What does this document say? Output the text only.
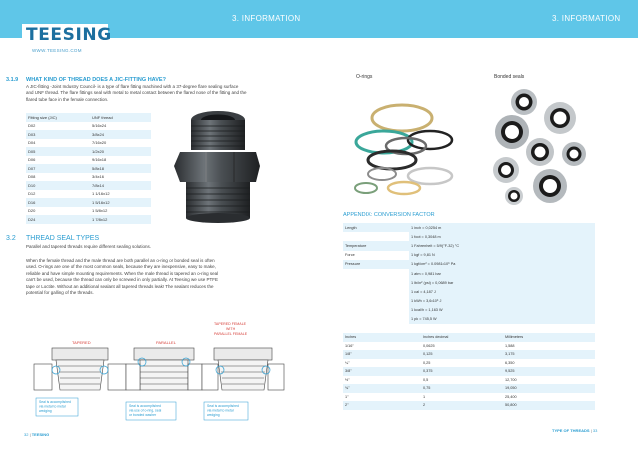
3. INFORMATION	3. INFORMATION
TEESING
WWW.TEESING.COM
3.1.9 WHAT KIND OF THREAD DOES A JIC-FITTING HAVE?
A JIC-fitting -Joint Industry Council- is a type of flare fitting machined with a 37-degree flare sealing surface
and UNF thread. The flare fittings seal with metal to metal contact between the flared nose of the fitting and the
flared tube face in the female connection.
Fitting size (JIC)	UNF thread
D02	5/16x24
D03	3/8x24
D04	7/16x20
D05	1/2x20
D06	9/16x18
D07	5/8x18
D08	3/4x16
D10	7/8x14
D12	1 1/16x12
D16	1 5/16x12
D20	1 5/8x12
D24	1 7/8x12
O-rings	Bonded seals
APPENDIX: CONVERSION FACTOR
Length	1 inch = 0,0254 m
	1 foot = 0,3048 m
Temperature	1 Fahrenheit = 5/9(°F-32) °C
Force	1 kgf = 9,81 N
Pressure	1 kgf/cm² = 0.0981•10⁶ Pa
	1 atm = 0,981 bar
	1 lb/in² (psi) = 0,0689 bar
	1 cal = 4,187 J
	1 kWh = 3,6•10⁶ J
	1 kcal/h = 1,163 W
	1 pk = 745,5 W
Inches	Inches decimal	Millimeters
1/16"	0,0625	1,588
1/8"	0,125	3,175
¼"	0,25	6,350
3/8"	0,375	9,525
½"	0,5	12,700
¾"	0,75	19,050
1"	1	25,400
2"	2	50,800
3.2 THREAD SEAL TYPES
Parallel and tapered threads require different sealing solutions.
When the female thread and the male thread are both parallel an o-ring or bonded seal is often
used. O-rings are one of the most common seals, because they are inexpensive, easy to make,
reliable and have simple mounting requirements. When the male thread is tapered an o-ring seal
can't be used, because the thread can only be screwed in only partially. At Teesing we use PTFE
tape or Loctite. Without an additional sealant all tapered threads leak! The sealant reduces the
potential for galling of the threads.
TAPERED	PARALLEL
TAPERED FEMALE
WITH
PARALLEL FEMALE
Seal is accomplished
via metal to metal
wedging
Seal is accomplished
via use of o-ring, seal
or bonded washer
Seal is accomplished
via metal to metal
wedging
32 | TEESING
TYPE OF THREADS | 33
